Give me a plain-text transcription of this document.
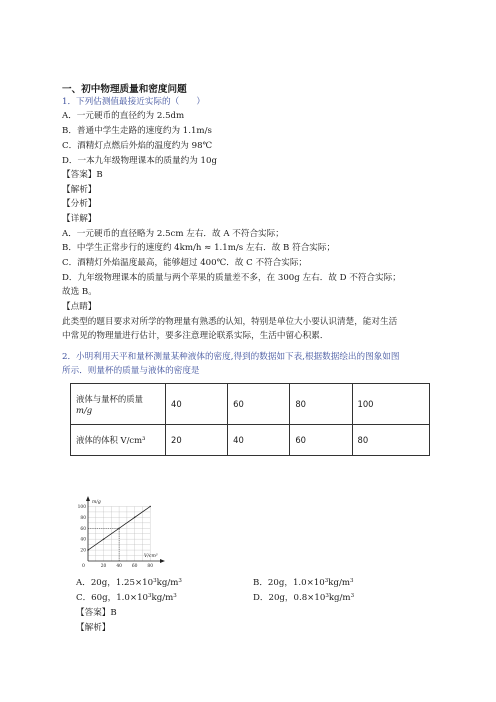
一、初中物理质量和密度问题
1．下列估测值最接近实际的（　　）
A．一元硬币的直径约为 2.5dm
B．普通中学生走路的速度约为 1.1m/s
C．酒精灯点燃后外焰的温度约为 98℃
D．一本九年级物理课本的质量约为 10g
【答案】B
【解析】
【分析】
【详解】
A．一元硬币的直径略为 2.5cm 左右．故 A 不符合实际；
B．中学生正常步行的速度约 4km/h ≈ 1.1m/s 左右．故 B 符合实际；
C．酒精灯外焰温度最高，能够超过 400℃．故 C 不符合实际；
D．九年级物理课本的质量与两个苹果的质量差不多，在 300g 左右．故 D 不符合实际；
故选 B。
【点睛】
此类型的题目要求对所学的物理量有熟悉的认知，特别是单位大小要认识清楚，能对生活
中常见的物理量进行估计，要多注意理论联系实际，生活中留心积累．
2．小明利用天平和量杯测量某种液体的密度,得到的数据如下表,根据数据绘出的图象如图
所示．则量杯的质量与液体的密度是
液体与量杯的质量
m/g	40	60	80	100
液体的体积 V/cm³	20	40	60	80
m/g
V/cm³
0
100
80
60
40
20
20 40 60 80
A．20g，$1.25\times 10^3kg/m^3$	B．20g，$1.0\times 10^3kg/m^3$
C．60g，$1.0\times 10^3kg/m^3$	D．20g，$0.8\times 10^3kg/m^3$
【答案】B
【解析】
